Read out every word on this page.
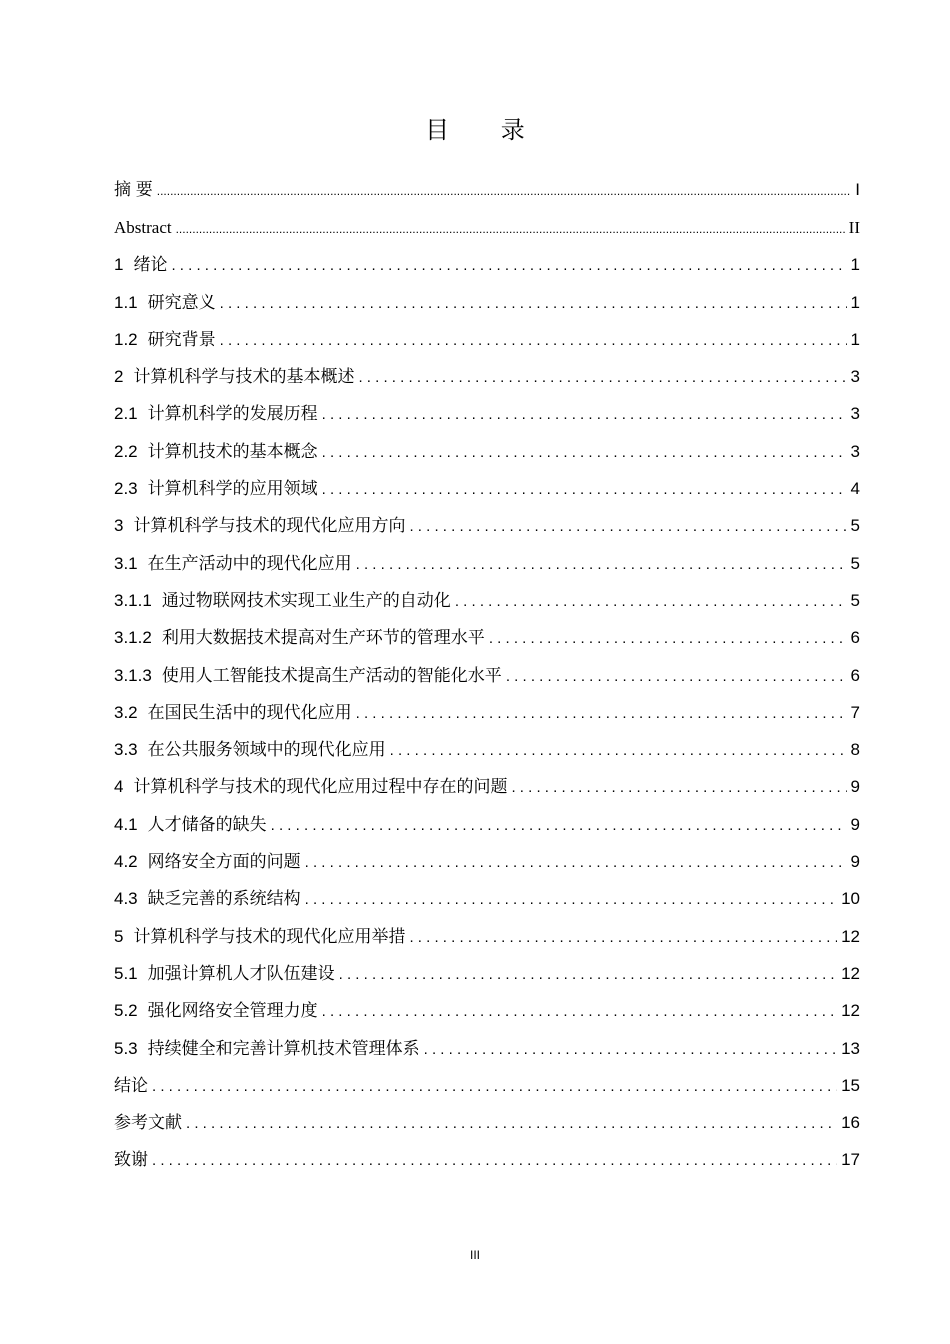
目 录
摘 要 .....	I
Abstract .....	II
1 绪论 . . .	1
1.1 研究意义 . . .	1
1.2 研究背景 . . .	1
2 计算机科学与技术的基本概述 . . .	3
2.1 计算机科学的发展历程 . . .	3
2.2 计算机技术的基本概念 . . .	3
2.3 计算机科学的应用领域 . . .	4
3 计算机科学与技术的现代化应用方向 . . .	5
3.1 在生产活动中的现代化应用 . . .	5
3.1.1 通过物联网技术实现工业生产的自动化 . . .	5
3.1.2 利用大数据技术提高对生产环节的管理水平 . . .	6
3.1.3 使用人工智能技术提高生产活动的智能化水平 . . .	6
3.2 在国民生活中的现代化应用 . . .	7
3.3 在公共服务领域中的现代化应用 . . .	8
4 计算机科学与技术的现代化应用过程中存在的问题 . . .	9
4.1 人才储备的缺失 . . .	9
4.2 网络安全方面的问题 . . .	9
4.3 缺乏完善的系统结构 . . .	10
5 计算机科学与技术的现代化应用举措 . . .	12
5.1 加强计算机人才队伍建设 . . .	12
5.2 强化网络安全管理力度 . . .	12
5.3 持续健全和完善计算机技术管理体系 . . .	13
结论 . . .	15
参考文献 . . .	16
致谢 . . .	17
III
